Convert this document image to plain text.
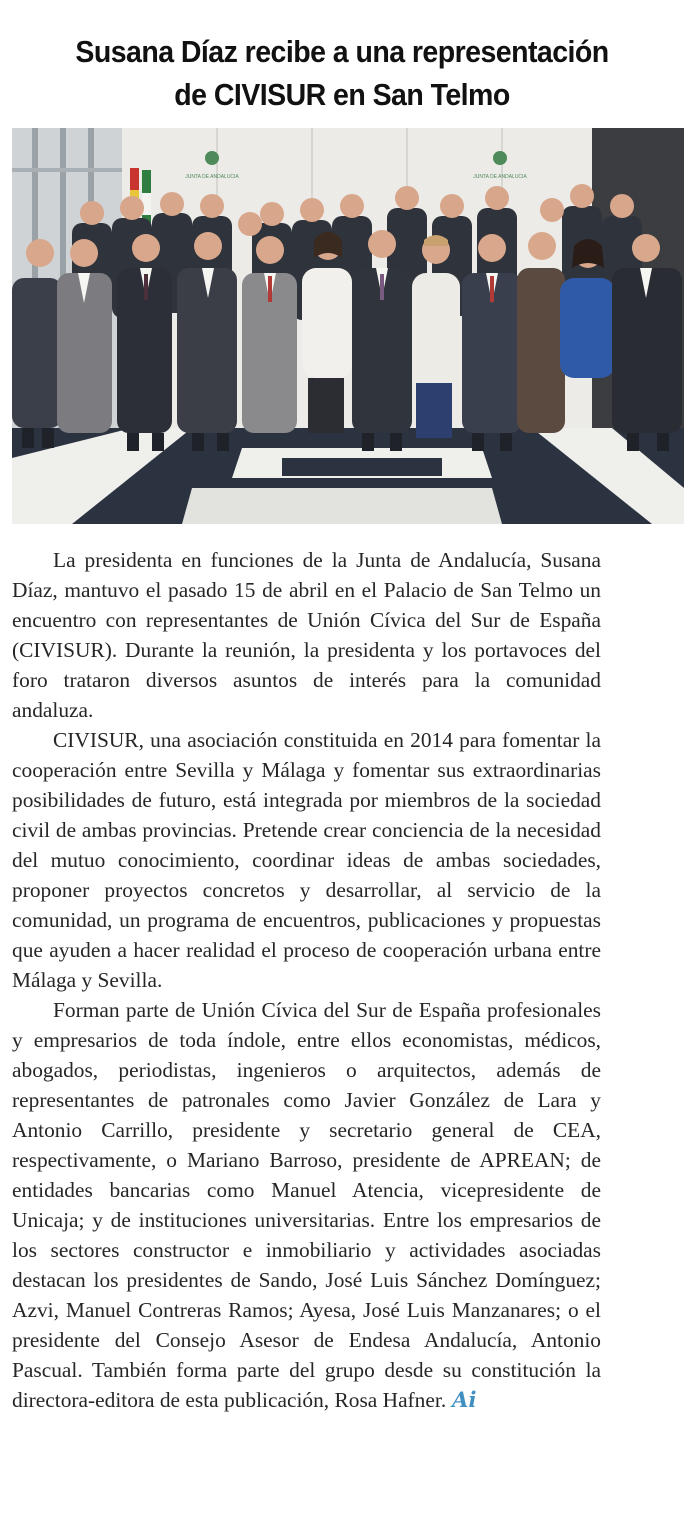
Susana Díaz recibe a una representación
de CIVISUR en San Telmo
JUNTA DE ANDALUCIA	JUNTA DE ANDALUCIA

La presidenta en funciones de la Junta de Andalucía, Susana Díaz, mantuvo el pasado 15 de abril en el Palacio de San Telmo un encuentro con representantes de Unión Cívica del Sur de España (CIVISUR). Durante la reunión, la presidenta y los portavoces del foro trataron diversos asuntos de interés para la comunidad andaluza.

CIVISUR, una asociación constituida en 2014 para fomentar la cooperación entre Sevilla y Málaga y fomentar sus extraordinarias posibilidades de futuro, está integrada por miembros de la sociedad civil de ambas provincias. Pretende crear conciencia de la necesidad del mutuo conocimiento, coordinar ideas de ambas sociedades, proponer proyectos concretos y desarrollar, al servicio de la comunidad, un programa de encuentros, publicaciones y propuestas que ayuden a hacer realidad el proceso de cooperación urbana entre Málaga y Sevilla.

Forman parte de Unión Cívica del Sur de España profesionales y empresarios de toda índole, entre ellos economistas, médicos, abogados, periodistas, ingenieros o arquitectos, además de representantes de patronales como Javier González de Lara y Antonio Carrillo, presidente y secretario general de CEA, respectivamente, o Mariano Barroso, presidente de APREAN; de entidades bancarias como Manuel Atencia, vicepresidente de Unicaja; y de instituciones universitarias. Entre los empresarios de los sectores constructor e inmobiliario y actividades asociadas destacan los presidentes de Sando, José Luis Sánchez Domínguez; Azvi, Manuel Contreras Ramos; Ayesa, José Luis Manzanares; o el presidente del Consejo Asesor de Endesa Andalucía, Antonio Pascual. También forma parte del grupo desde su constitución la directora-editora de esta publicación, Rosa Hafner. Ai
